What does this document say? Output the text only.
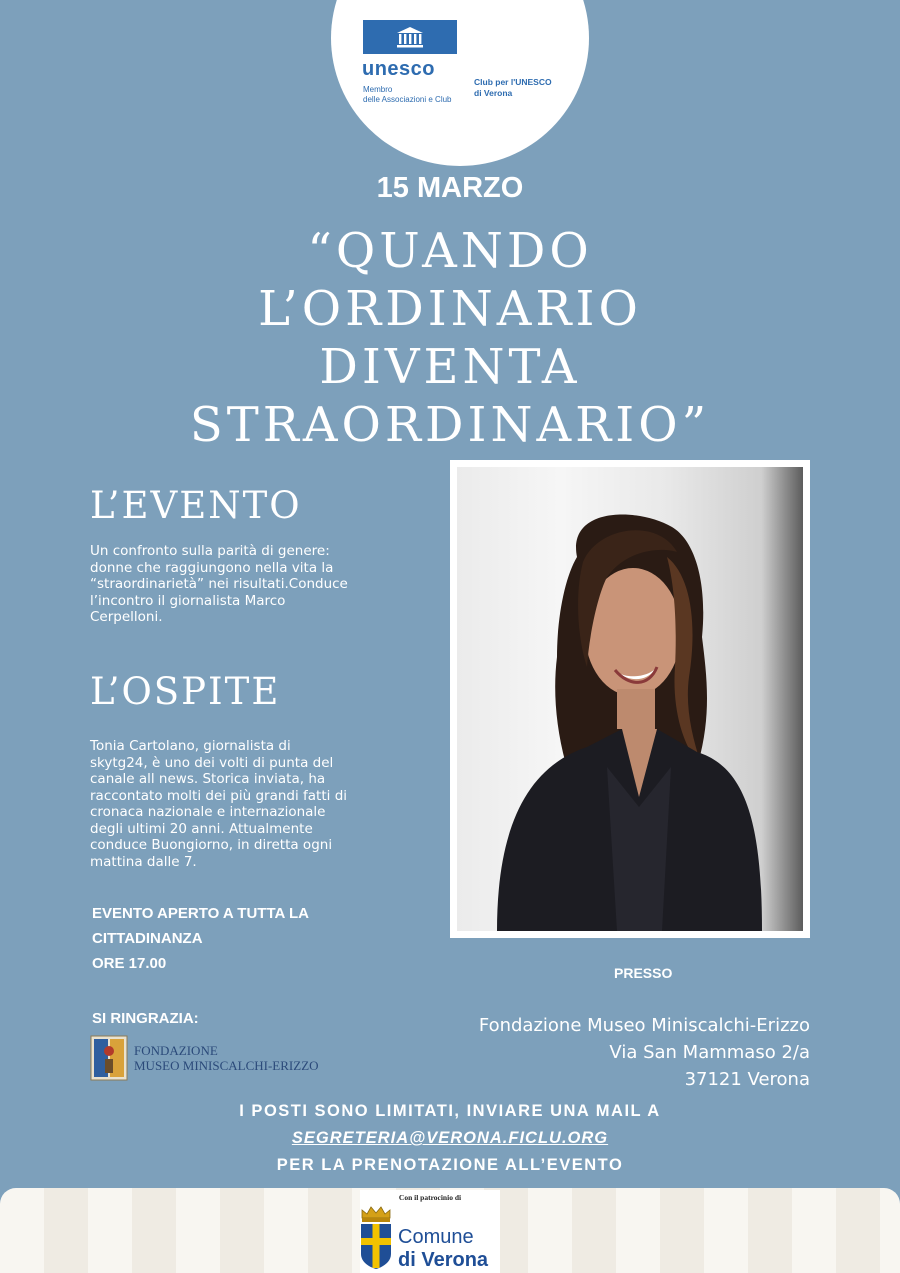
unesco
Membro
delle Associazioni e Club
Club per l'UNESCO
di Verona
15 MARZO
“QUANDO
L’ORDINARIO
DIVENTA
STRAORDINARIO”
L’EVENTO
Un confronto sulla parità di genere:
donne che raggiungono nella vita la
“straordinarietà” nei risultati.Conduce
l’incontro il giornalista Marco
Cerpelloni.
L’OSPITE
Tonia Cartolano, giornalista di
skytg24, è uno dei volti di punta del
canale all news. Storica inviata, ha
raccontato molti dei più grandi fatti di
cronaca nazionale e internazionale
degli ultimi 20 anni. Attualmente
conduce Buongiorno, in diretta ogni
mattina dalle 7.
EVENTO APERTO A TUTTA LA
CITTADINANZA
ORE 17.00
PRESSO
Fondazione Museo Miniscalchi-Erizzo
Via San Mammaso 2/a
37121 Verona
SI RINGRAZIA:
FONDAZIONE
MUSEO MINISCALCHI-ERIZZO
I POSTI SONO LIMITATI, INVIARE UNA MAIL A
SEGRETERIA@VERONA.FICLU.ORG
PER LA PRENOTAZIONE ALL’EVENTO
Con il patrocinio di
Comune
di Verona
